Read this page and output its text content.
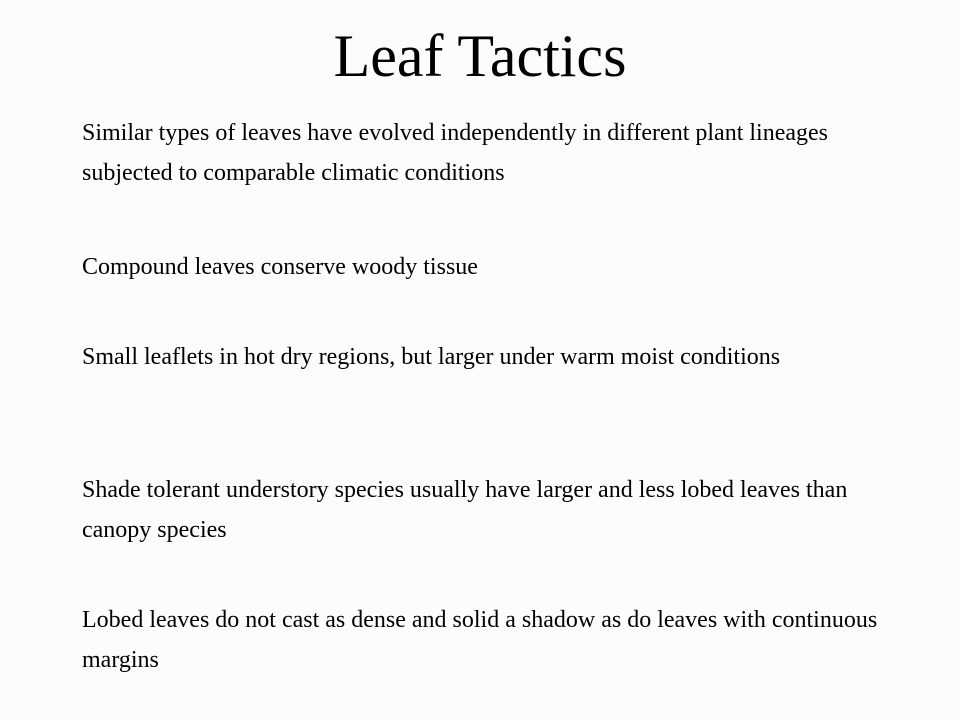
Leaf Tactics

Similar types of leaves have evolved independently in different plant lineages subjected to comparable climatic conditions

Compound leaves conserve woody tissue

Small leaflets in hot dry regions, but larger under warm moist conditions

Shade tolerant understory species usually have larger and less lobed leaves than canopy species

Lobed leaves do not cast as dense and solid a shadow as do leaves with continuous margins
